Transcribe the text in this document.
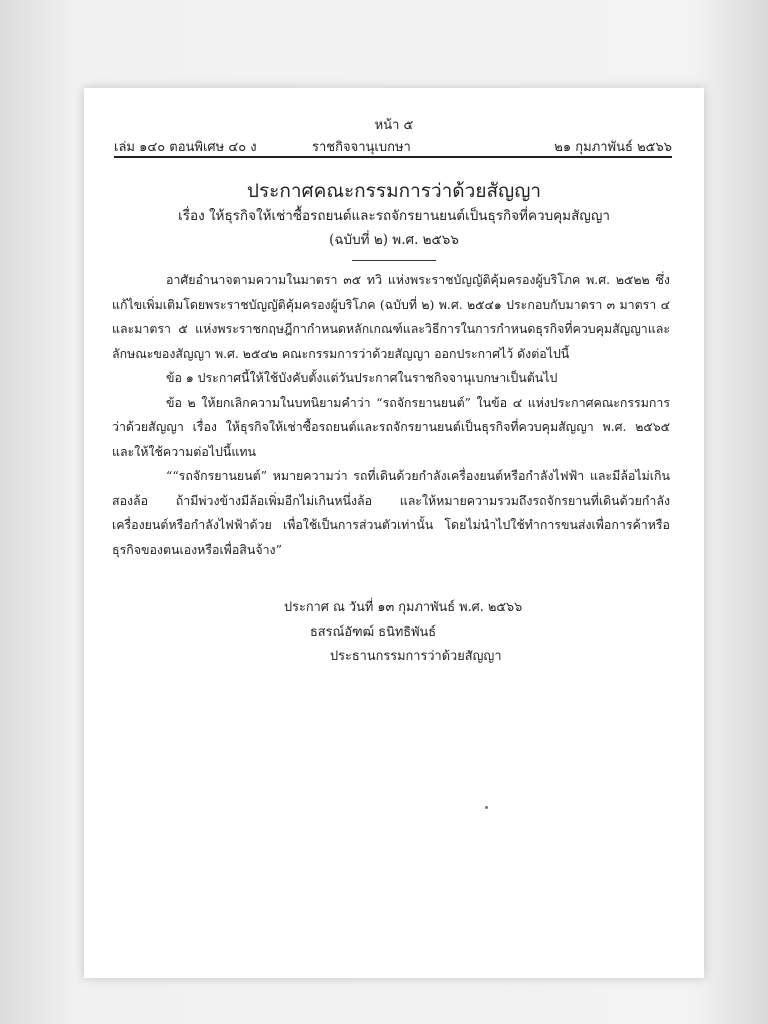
หน้า ๕
เล่ม ๑๔๐ ตอนพิเศษ ๔๐ ง	ราชกิจจานุเบกษา	๒๑ กุมภาพันธ์ ๒๕๖๖
ประกาศคณะกรรมการว่าด้วยสัญญา
เรื่อง ให้ธุรกิจให้เช่าซื้อรถยนต์และรถจักรยานยนต์เป็นธุรกิจที่ควบคุมสัญญา
(ฉบับที่ ๒) พ.ศ. ๒๕๖๖

อาศัยอำนาจตามความในมาตรา ๓๕ ทวิ แห่งพระราชบัญญัติคุ้มครองผู้บริโภค พ.ศ. ๒๕๒๒ ซึ่งแก้ไขเพิ่มเติมโดยพระราชบัญญัติคุ้มครองผู้บริโภค (ฉบับที่ ๒) พ.ศ. ๒๕๔๑ ประกอบกับมาตรา ๓ มาตรา ๔ และมาตรา ๕ แห่งพระราชกฤษฎีกากำหนดหลักเกณฑ์และวิธีการในการกำหนดธุรกิจที่ควบคุมสัญญาและลักษณะของสัญญา พ.ศ. ๒๕๔๒ คณะกรรมการว่าด้วยสัญญา ออกประกาศไว้ ดังต่อไปนี้

ข้อ ๑ ประกาศนี้ให้ใช้บังคับตั้งแต่วันประกาศในราชกิจจานุเบกษาเป็นต้นไป

ข้อ ๒ ให้ยกเลิกความในบทนิยามคำว่า “รถจักรยานยนต์” ในข้อ ๔ แห่งประกาศคณะกรรมการว่าด้วยสัญญา เรื่อง ให้ธุรกิจให้เช่าซื้อรถยนต์และรถจักรยานยนต์เป็นธุรกิจที่ควบคุมสัญญา พ.ศ. ๒๕๖๕ และให้ใช้ความต่อไปนี้แทน

““รถจักรยานยนต์” หมายความว่า รถที่เดินด้วยกำลังเครื่องยนต์หรือกำลังไฟฟ้า และมีล้อไม่เกินสองล้อ ถ้ามีพ่วงข้างมีล้อเพิ่มอีกไม่เกินหนึ่งล้อ และให้หมายความรวมถึงรถจักรยานที่เดินด้วยกำลังเครื่องยนต์หรือกำลังไฟฟ้าด้วย เพื่อใช้เป็นการส่วนตัวเท่านั้น โดยไม่นำไปใช้ทำการขนส่งเพื่อการค้าหรือธุรกิจของตนเองหรือเพื่อสินจ้าง”

ประกาศ ณ วันที่ ๑๓ กุมภาพันธ์ พ.ศ. ๒๕๖๖
ธสรณ์อัฑฒ์ ธนิทธิพันธ์
ประธานกรรมการว่าด้วยสัญญา
